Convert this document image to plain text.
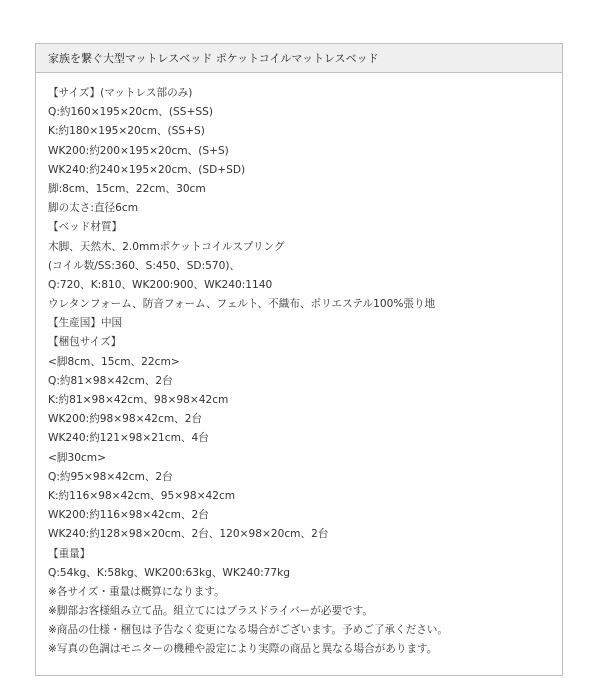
家族を繋ぐ大型マットレスベッド ポケットコイルマットレスベッド
【サイズ】(マットレス部のみ)
Q:約160×195×20cm、(SS+SS)
K:約180×195×20cm、(SS+S)
WK200:約200×195×20cm、(S+S)
WK240:約240×195×20cm、(SD+SD)
脚:8cm、15cm、22cm、30cm
脚の太さ:直径6cm
【ベッド材質】
木脚、天然木、2.0mmポケットコイルスプリング
(コイル数/SS:360、S:450、SD:570)、
Q:720、K:810、WK200:900、WK240:1140
ウレタンフォーム、防音フォーム、フェルト、不織布、ポリエステル100%張り地
【生産国】中国
【梱包サイズ】
<脚8cm、15cm、22cm>
Q:約81×98×42cm、2台
K:約81×98×42cm、98×98×42cm
WK200:約98×98×42cm、2台
WK240:約121×98×21cm、4台
<脚30cm>
Q:約95×98×42cm、2台
K:約116×98×42cm、95×98×42cm
WK200:約116×98×42cm、2台
WK240:約128×98×20cm、2台、120×98×20cm、2台
【重量】
Q:54kg、K:58kg、WK200:63kg、WK240:77kg
※各サイズ・重量は概算になります。
※脚部お客様組み立て品。組立てにはプラスドライバーが必要です。
※商品の仕様・梱包は予告なく変更になる場合がございます。予めご了承ください。
※写真の色調はモニターの機種や設定により実際の商品と異なる場合があります。
